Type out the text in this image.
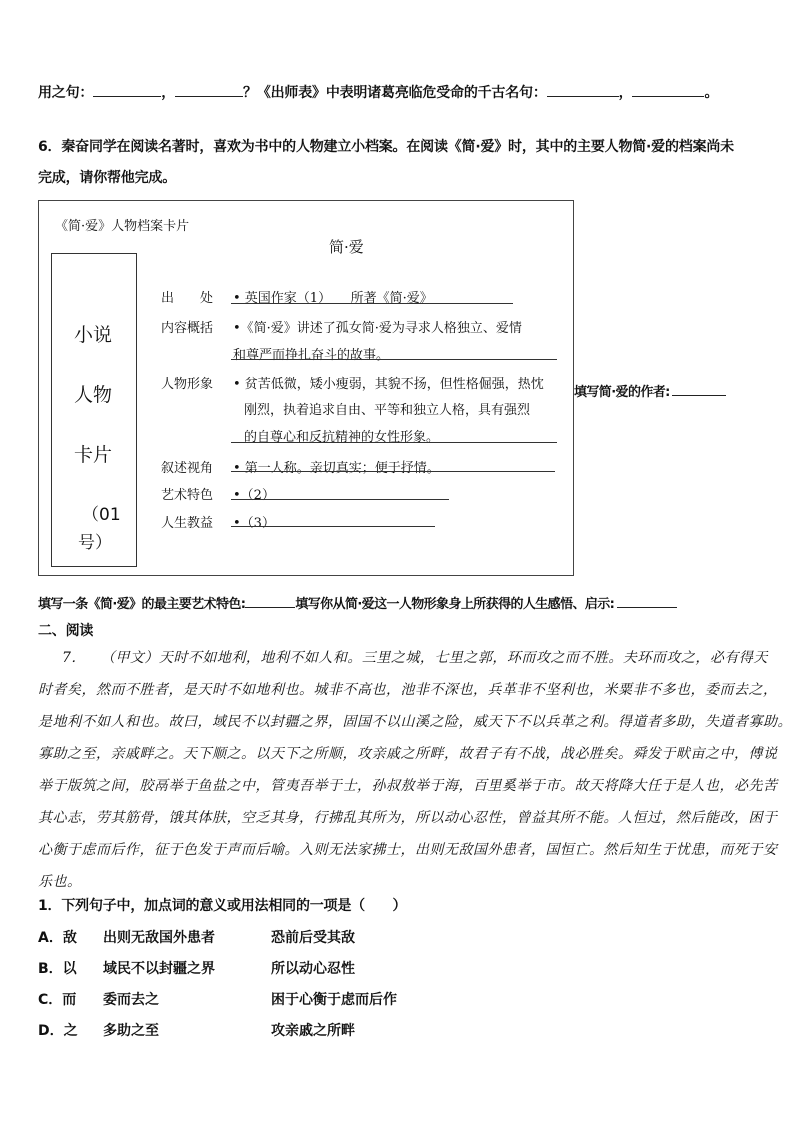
用之句：	，	？《出师表》中表明诸葛亮临危受命的千古名句：	，	。
6．秦奋同学在阅读名著时，喜欢为书中的人物建立小档案。在阅读《简·爱》时，其中的主要人物简·爱的档案尚未
完成，请你帮他完成。
《简·爱》人物档案卡片
简·爱
小说
人物
卡片
（01
号）
出　　处 • 英国作家（1）　　所著《简·爱》
内容概括 •《简·爱》讲述了孤女简·爱为寻求人格独立、爱情
和尊严而挣扎奋斗的故事。
人物形象 • 贫苦低微，矮小瘦弱，其貌不扬，但性格倔强，热忱
刚烈，执着追求自由、平等和独立人格，具有强烈
的自尊心和反抗精神的女性形象。
叙述视角 • 第一人称。亲切真实；便于抒情。
艺术特色 •（2）
人生教益 •（3）
填写简·爱的作者:
填写一条《简·爱》的最主要艺术特色:	填写你从简·爱这一人物形象身上所获得的人生感悟、启示:
二、阅读
7．　　（甲文）天时不如地利，地利不如人和。三里之城，七里之郭，环而攻之而不胜。夫环而攻之，必有得天
时者矣，然而不胜者，是天时不如地利也。城非不高也，池非不深也，兵革非不坚利也，米粟非不多也，委而去之，
是地利不如人和也。故曰，域民不以封疆之界，固国不以山溪之险，威天下不以兵革之利。得道者多助，失道者寡助。
寡助之至，亲戚畔之。天下顺之。以天下之所顺，攻亲戚之所畔，故君子有不战，战必胜矣。舜发于畎亩之中，傅说
举于版筑之间，胶鬲举于鱼盐之中，管夷吾举于士，孙叔敖举于海，百里奚举于市。故天将降大任于是人也，必先苦
其心志，劳其筋骨，饿其体肤，空乏其身，行拂乱其所为，所以动心忍性，曾益其所不能。人恒过，然后能改，困于
心衡于虑而后作，征于色发于声而后喻。入则无法家拂士，出则无敌国外患者，国恒亡。然后知生于忧患，而死于安
乐也。
1．下列句子中，加点词的意义或用法相同的一项是（　　）
A．敌 出则无敌国外患者	恐前后受其敌
B．以 域民不以封疆之界	所以动心忍性
C．而 委而去之	困于心衡于虑而后作
D．之 多助之至	攻亲戚之所畔
